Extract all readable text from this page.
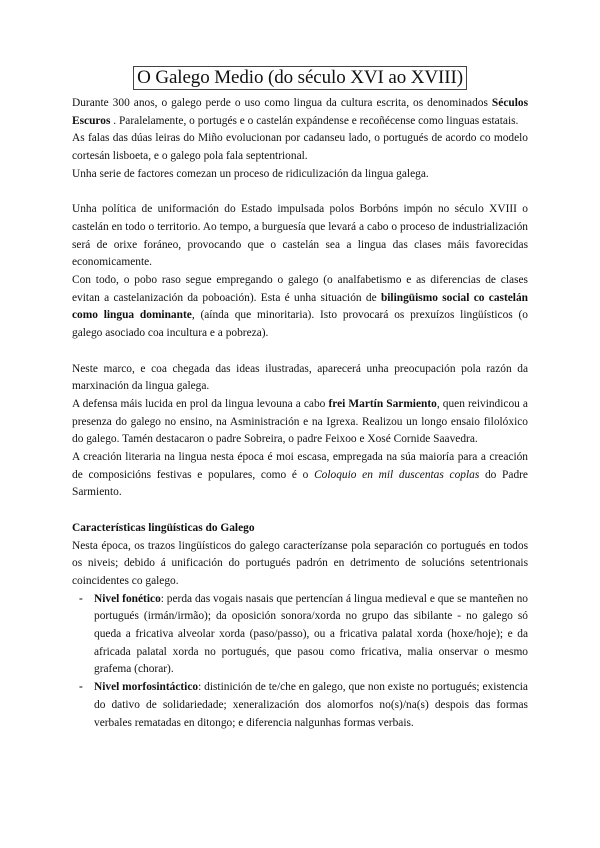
O Galego Medio (do século XVI ao XVIII)

Durante 300 anos, o galego perde o uso como lingua da cultura escrita, os denominados Séculos Escuros . Paralelamente, o portugés e o castelán expándense e recoñécense como linguas estatais.

As falas das dúas leiras do Miño evolucionan por cadanseu lado, o portugués de acordo co modelo cortesán lisboeta, e o galego pola fala septentrional.

Unha serie de factores comezan un proceso de ridiculización da lingua galega.

Unha política de uniformación do Estado impulsada polos Borbóns impón no século XVIII o castelán en todo o territorio. Ao tempo, a burguesía que levará a cabo o proceso de industrialización será de orixe foráneo, provocando que o castelán sea a lingua das clases máis favorecidas economicamente.

Con todo, o pobo raso segue empregando o galego (o analfabetismo e as diferencias de clases evitan a castelanización da poboación). Esta é unha situación de bilingüismo social co castelán como lingua dominante, (aínda que minoritaria). Isto provocará os prexuízos lingüísticos (o galego asociado coa incultura e a pobreza).

Neste marco, e coa chegada das ideas ilustradas, aparecerá unha preocupación pola razón da marxinación da lingua galega.

A defensa máis lucida en prol da lingua levouna a cabo frei Martín Sarmiento, quen reivindicou a presenza do galego no ensino, na Asministración e na Igrexa. Realizou un longo ensaio filolóxico do galego. Tamén destacaron o padre Sobreira, o padre Feixoo e Xosé Cornide Saavedra.

A creación literaria na lingua nesta época é moi escasa, empregada na súa maioría para a creación de composicións festivas e populares, como é o Coloquio en mil duscentas coplas do Padre Sarmiento.

Características lingüísticas do Galego

Nesta época, os trazos lingüísticos do galego caracterízanse pola separación co portugués en todos os niveis; debido á unificación do portugués padrón en detrimento de solucións setentrionais coincidentes co galego.

- Nivel fonético: perda das vogais nasais que pertencían á lingua medieval e que se manteñen no portugués (irmán/irmão); da oposición sonora/xorda no grupo das sibilante - no galego só queda a fricativa alveolar xorda (paso/passo), ou a fricativa palatal xorda (hoxe/hoje); e da africada palatal xorda no portugués, que pasou como fricativa, malia onservar o mesmo grafema (chorar).
- Nivel morfosintáctico: distinición de te/che en galego, que non existe no portugués; existencia do dativo de solidariedade; xeneralización dos alomorfos no(s)/na(s) despois das formas verbales rematadas en ditongo; e diferencia nalgunhas formas verbais.
